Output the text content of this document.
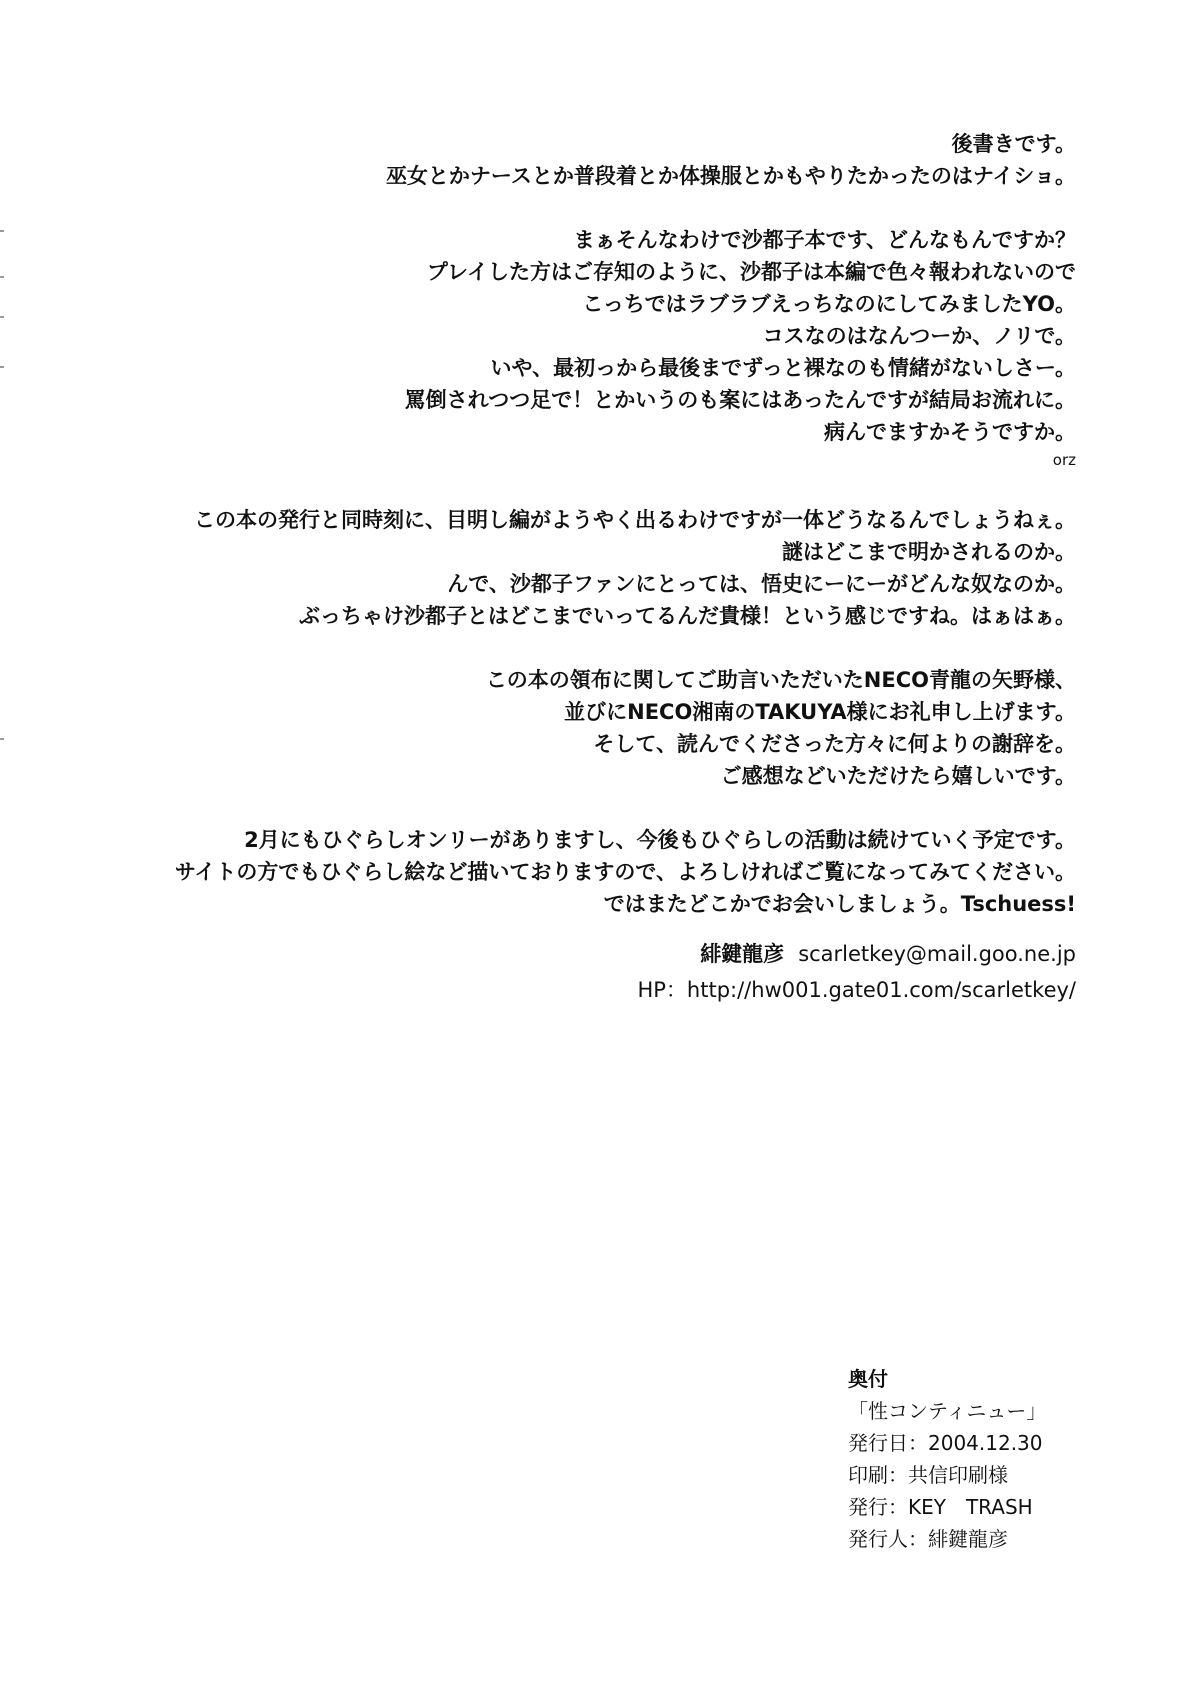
後書きです。
巫女とかナースとか普段着とか体操服とかもやりたかったのはナイショ。
まぁそんなわけで沙都子本です、どんなもんですか？
プレイした方はご存知のように、沙都子は本編で色々報われないので
こっちではラブラブえっちなのにしてみましたYO。
コスなのはなんつーか、ノリで。
いや、最初っから最後までずっと裸なのも情緒がないしさー。
罵倒されつつ足で！とかいうのも案にはあったんですが結局お流れに。
病んでますかそうですか。
orz
この本の発行と同時刻に、目明し編がようやく出るわけですが一体どうなるんでしょうねぇ。
謎はどこまで明かされるのか。
んで、沙都子ファンにとっては、悟史にーにーがどんな奴なのか。
ぶっちゃけ沙都子とはどこまでいってるんだ貴様！という感じですね。はぁはぁ。
この本の領布に関してご助言いただいたNECO青龍の矢野様、
並びにNECO湘南のTAKUYA様にお礼申し上げます。
そして、読んでくださった方々に何よりの謝辞を。
ご感想などいただけたら嬉しいです。
2月にもひぐらしオンリーがありますし、今後もひぐらしの活動は続けていく予定です。
サイトの方でもひぐらし絵など描いておりますので、よろしければご覧になってみてください。
ではまたどこかでお会いしましょう。Tschuess!
緋鍵龍彦 scarletkey@mail.goo.ne.jp
HP：http://hw001.gate01.com/scarletkey/
奥付
「性コンティニュー」
発行日：2004.12.30
印刷：共信印刷様
発行：KEY　TRASH
発行人：緋鍵龍彦
